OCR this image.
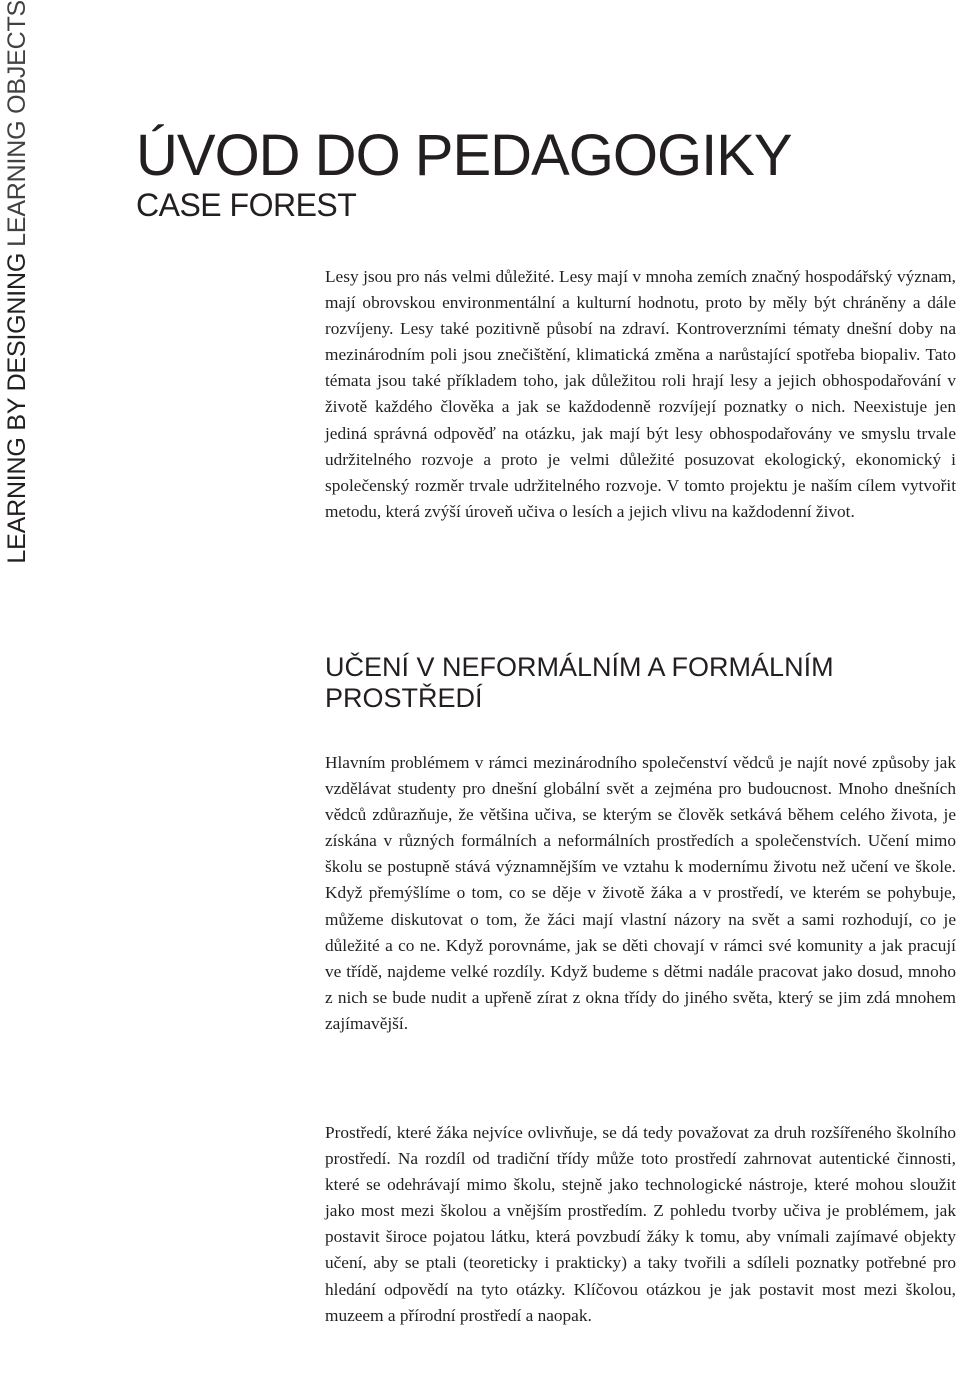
LEARNING BY DESIGNING
LEARNING OBJECTS ÚVOD DO PEDAGOGIKY
CASE FOREST

Lesy jsou pro nás velmi důležité. Lesy mají v mnoha zemích značný hospodářský význam, mají obrovskou environmentální a kulturní hodnotu, proto by měly být chráněny a dále rozvíjeny. Lesy také pozitivně působí na zdraví. Kontroverzními tématy dnešní doby na mezinárodním poli jsou znečištění, klimatická změna a narůstající spotřeba biopaliv. Tato témata jsou také příkladem toho, jak důležitou roli hrají lesy a jejich obhospodařování v životě každého člověka a jak se každodenně rozvíjejí poznatky o nich. Neexistuje jen jediná správná odpověď na otázku, jak mají být lesy obhospodařovány ve smyslu trvale udržitelného rozvoje a proto je velmi důležité posuzovat ekologický, ekonomický i společenský rozměr trvale udržitelného rozvoje. V tomto projektu je naším cílem vytvořit metodu, která zvýší úroveň učiva o lesích a jejich vlivu na každodenní život.

UČENÍ V NEFORMÁLNÍM A FORMÁLNÍM PROSTŘEDÍ

Hlavním problémem v rámci mezinárodního společenství vědců je najít nové způsoby jak vzdělávat studenty pro dnešní globální svět a zejména pro budoucnost. Mnoho dnešních vědců zdůrazňuje, že většina učiva, se kterým se člověk setkává během celého života, je získána v různých formálních a neformálních prostředích a společenstvích. Učení mimo školu se postupně stává významnějším ve vztahu k modernímu životu než učení ve škole. Když přemýšlíme o tom, co se děje v životě žáka a v prostředí, ve kterém se pohybuje, můžeme diskutovat o tom, že žáci mají vlastní názory na svět a sami rozhodují, co je důležité a co ne. Když porovnáme, jak se děti chovají v rámci své komunity a jak pracují ve třídě, najdeme velké rozdíly. Když budeme s dětmi nadále pracovat jako dosud, mnoho z nich se bude nudit a upřeně zírat z okna třídy do jiného světa, který se jim zdá mnohem zajímavější.

Prostředí, které žáka nejvíce ovlivňuje, se dá tedy považovat za druh rozšířeného školního prostředí. Na rozdíl od tradiční třídy může toto prostředí zahrnovat autentické činnosti, které se odehrávají mimo školu, stejně jako technologické nástroje, které mohou sloužit jako most mezi školou a vnějším prostředím. Z pohledu tvorby učiva je problémem, jak postavit široce pojatou látku, která povzbudí žáky k tomu, aby vnímali zajímavé objekty učení, aby se ptali (teoreticky i prakticky) a taky tvořili a sdíleli poznatky potřebné pro hledání odpovědí na tyto otázky. Klíčovou otázkou je jak postavit most mezi školou, muzeem a přírodní prostředí a naopak.
